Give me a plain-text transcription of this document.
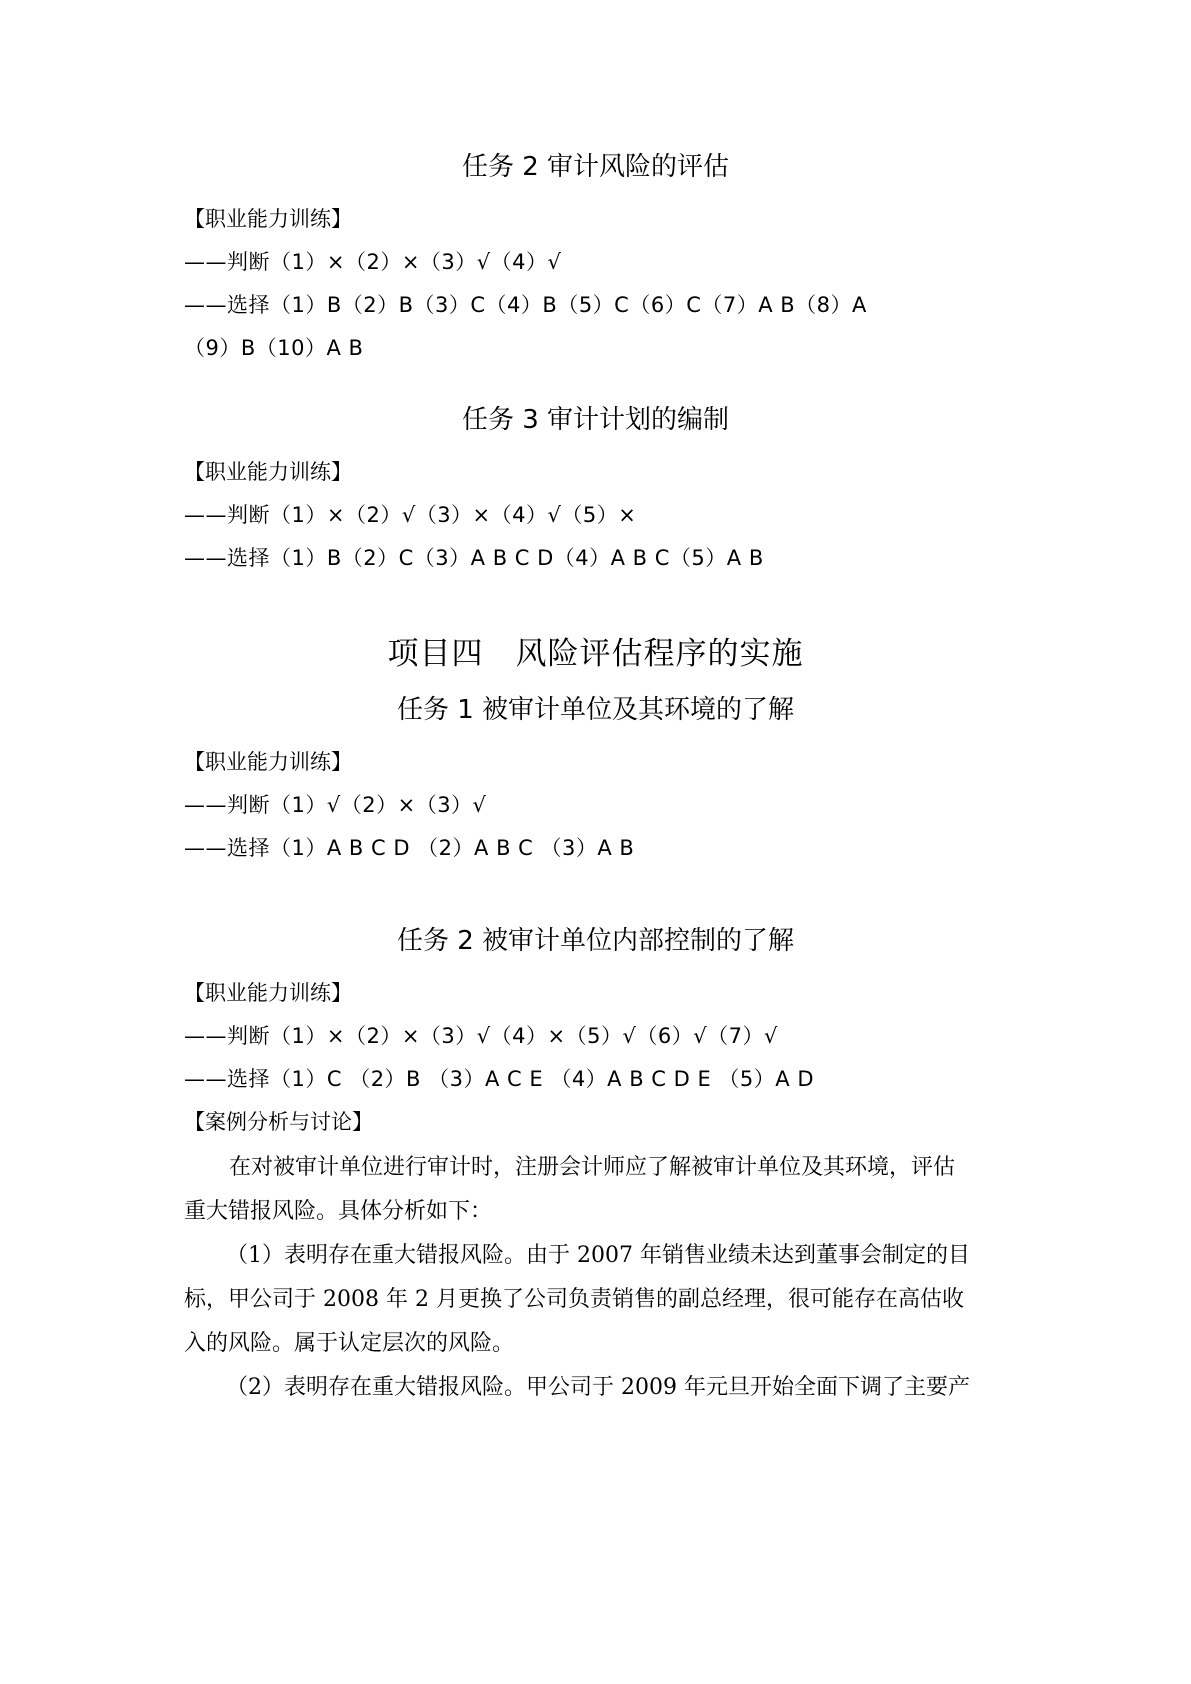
任务 2 审计风险的评估
【职业能力训练】
——判断（1）×（2）×（3）√（4）√
——选择（1）B（2）B（3）C（4）B（5）C（6）C（7）A B（8）A
（9）B（10）A B
任务 3 审计计划的编制
【职业能力训练】
——判断（1）×（2）√（3）×（4）√（5）×
——选择（1）B（2）C（3）A B C D（4）A B C（5）A B
项目四　风险评估程序的实施
任务 1 被审计单位及其环境的了解
【职业能力训练】
——判断（1）√（2）×（3）√
——选择（1）A B C D （2）A B C （3）A B
任务 2 被审计单位内部控制的了解
【职业能力训练】
——判断（1）×（2）×（3）√（4）×（5）√（6）√（7）√
——选择（1）C （2）B （3）A C E （4）A B C D E （5）A D
【案例分析与讨论】
在对被审计单位进行审计时，注册会计师应了解被审计单位及其环境，评估
重大错报风险。具体分析如下：
（1）表明存在重大错报风险。由于 2007 年销售业绩未达到董事会制定的目
标，甲公司于 2008 年 2 月更换了公司负责销售的副总经理，很可能存在高估收
入的风险。属于认定层次的风险。
（2）表明存在重大错报风险。甲公司于 2009 年元旦开始全面下调了主要产
